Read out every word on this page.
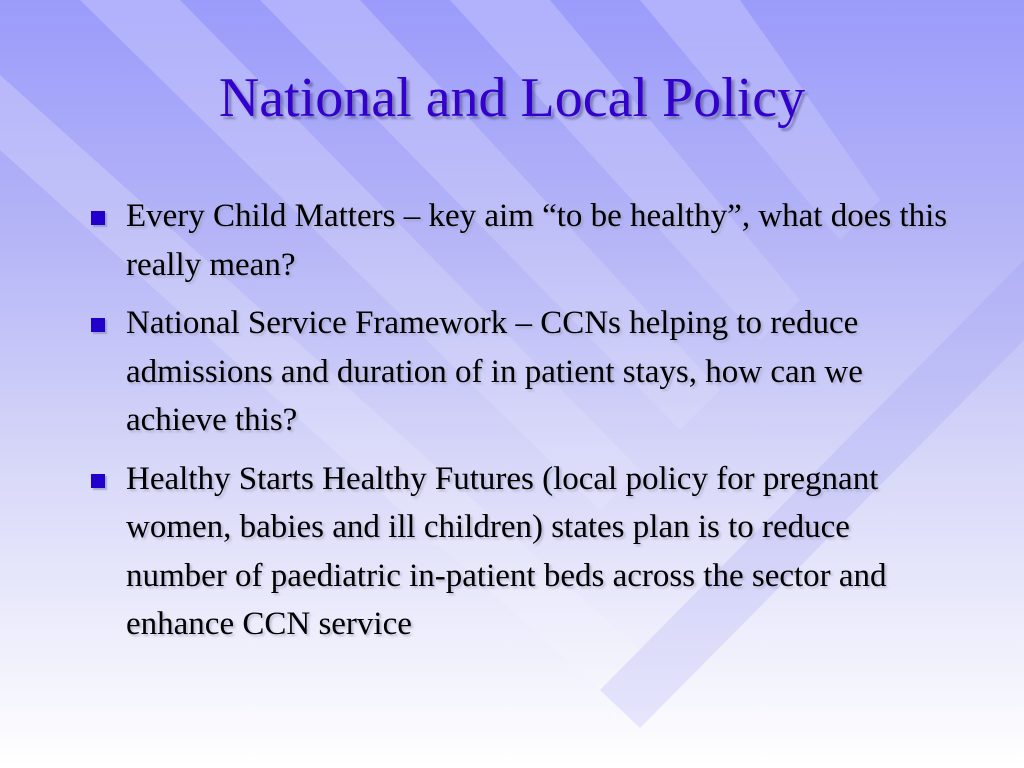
National and Local Policy
Every Child Matters – key aim “to be healthy”, what does this really mean?
National Service Framework – CCNs helping to reduce admissions and duration of in patient stays, how can we achieve this?
Healthy Starts Healthy Futures (local policy for pregnant women, babies and ill children) states plan is to reduce number of paediatric in-patient beds across the sector and enhance CCN service
